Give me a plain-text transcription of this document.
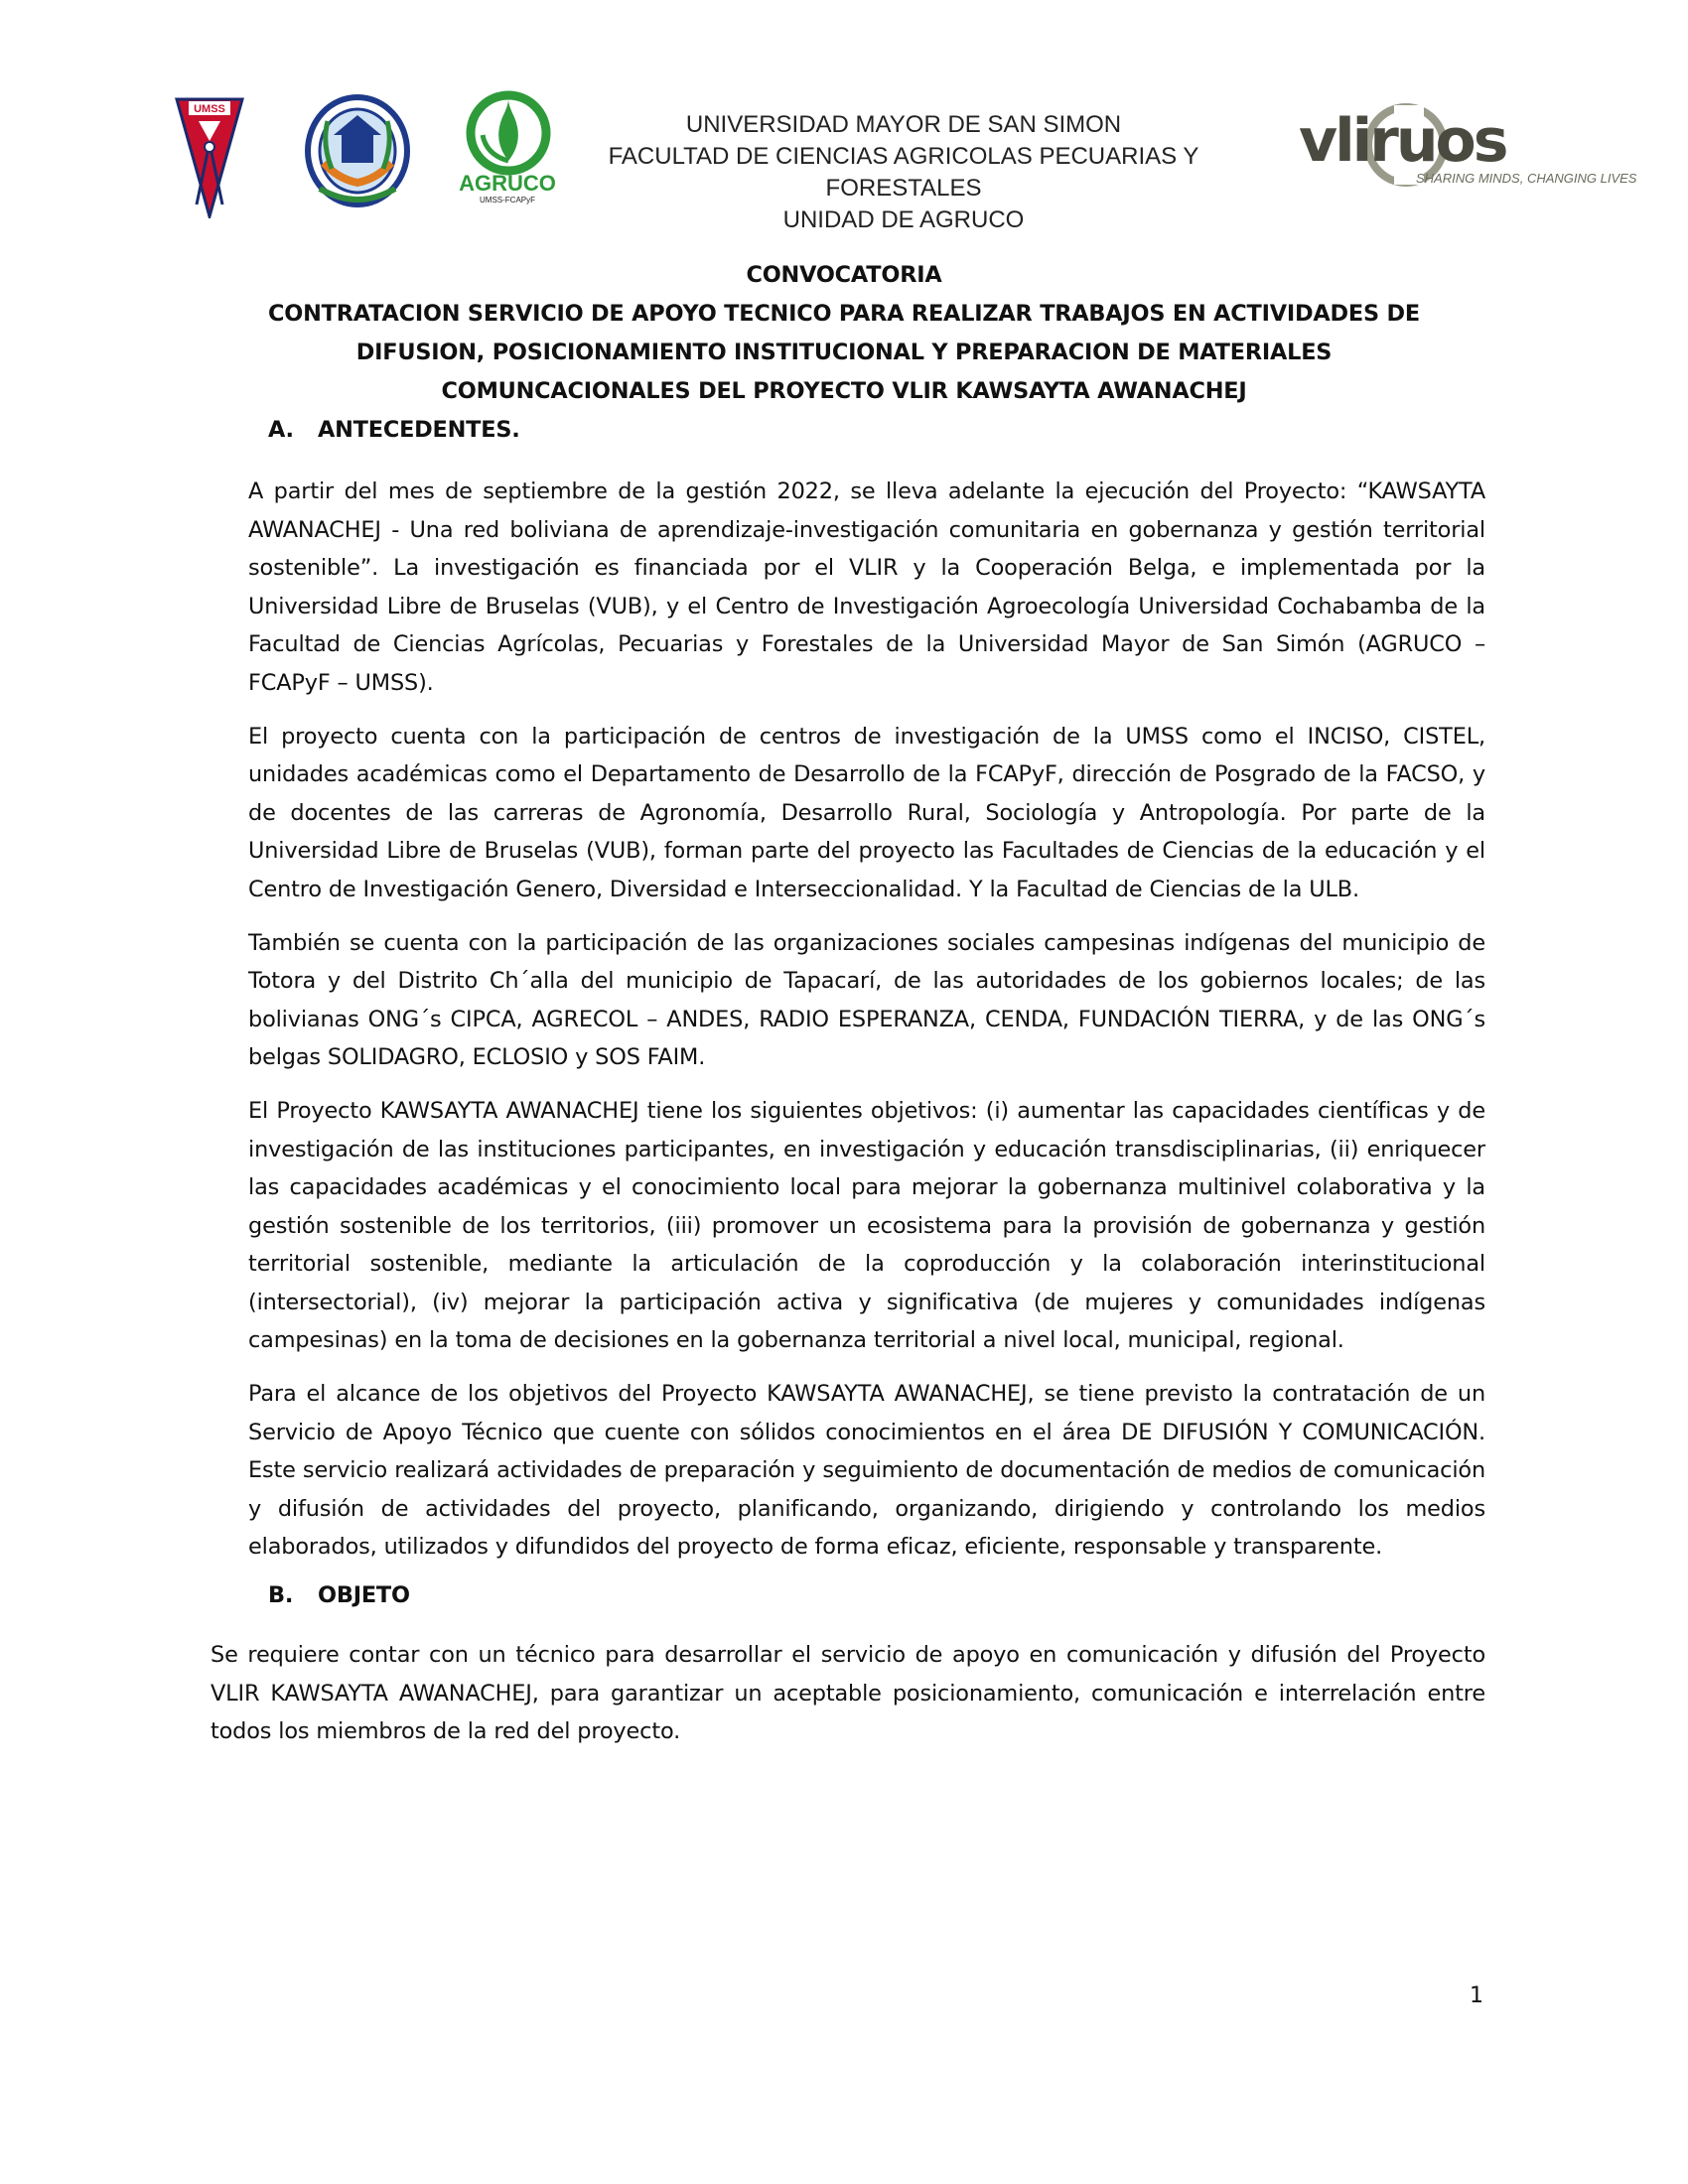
UMSS
AGRUCO
UMSS-FCAPyF
UNIVERSIDAD MAYOR DE SAN SIMON
FACULTAD DE CIENCIAS AGRICOLAS PECUARIAS Y FORESTALES
UNIDAD DE AGRUCO
vliruos
SHARING MINDS, CHANGING LIVES
CONVOCATORIA
CONTRATACION SERVICIO DE APOYO TECNICO PARA REALIZAR TRABAJOS EN ACTIVIDADES DE
DIFUSION, POSICIONAMIENTO INSTITUCIONAL Y PREPARACION DE MATERIALES
COMUNCACIONALES DEL PROYECTO VLIR KAWSAYTA AWANACHEJ
A. ANTECEDENTES.

A partir del mes de septiembre de la gestión 2022, se lleva adelante la ejecución del Proyecto: “KAWSAYTA AWANACHEJ - Una red boliviana de aprendizaje-investigación comunitaria en gobernanza y gestión territorial sostenible”. La investigación es financiada por el VLIR y la Cooperación Belga, e implementada por la Universidad Libre de Bruselas (VUB), y el Centro de Investigación Agroecología Universidad Cochabamba de la Facultad de Ciencias Agrícolas, Pecuarias y Forestales de la Universidad Mayor de San Simón (AGRUCO – FCAPyF – UMSS).

El proyecto cuenta con la participación de centros de investigación de la UMSS como el INCISO, CISTEL, unidades académicas como el Departamento de Desarrollo de la FCAPyF, dirección de Posgrado de la FACSO, y de docentes de las carreras de Agronomía, Desarrollo Rural, Sociología y Antropología. Por parte de la Universidad Libre de Bruselas (VUB), forman parte del proyecto las Facultades de Ciencias de la educación y el Centro de Investigación Genero, Diversidad e Interseccionalidad. Y la Facultad de Ciencias de la ULB.

También se cuenta con la participación de las organizaciones sociales campesinas indígenas del municipio de Totora y del Distrito Ch´alla del municipio de Tapacarí, de las autoridades de los gobiernos locales; de las bolivianas ONG´s CIPCA, AGRECOL – ANDES, RADIO ESPERANZA, CENDA, FUNDACIÓN TIERRA, y de las ONG´s belgas SOLIDAGRO, ECLOSIO y SOS FAIM.

El Proyecto KAWSAYTA AWANACHEJ tiene los siguientes objetivos: (i) aumentar las capacidades científicas y de investigación de las instituciones participantes, en investigación y educación transdisciplinarias, (ii) enriquecer las capacidades académicas y el conocimiento local para mejorar la gobernanza multinivel colaborativa y la gestión sostenible de los territorios, (iii) promover un ecosistema para la provisión de gobernanza y gestión territorial sostenible, mediante la articulación de la coproducción y la colaboración interinstitucional (intersectorial), (iv) mejorar la participación activa y significativa (de mujeres y comunidades indígenas campesinas) en la toma de decisiones en la gobernanza territorial a nivel local, municipal, regional.

Para el alcance de los objetivos del Proyecto KAWSAYTA AWANACHEJ, se tiene previsto la contratación de un Servicio de Apoyo Técnico que cuente con sólidos conocimientos en el área DE DIFUSIÓN Y COMUNICACIÓN. Este servicio realizará actividades de preparación y seguimiento de documentación de medios de comunicación y difusión de actividades del proyecto, planificando, organizando, dirigiendo y controlando los medios elaborados, utilizados y difundidos del proyecto de forma eficaz, eficiente, responsable y transparente.

B. OBJETO

Se requiere contar con un técnico para desarrollar el servicio de apoyo en comunicación y difusión del Proyecto VLIR KAWSAYTA AWANACHEJ, para garantizar un aceptable posicionamiento, comunicación e interrelación entre todos los miembros de la red del proyecto.

1
